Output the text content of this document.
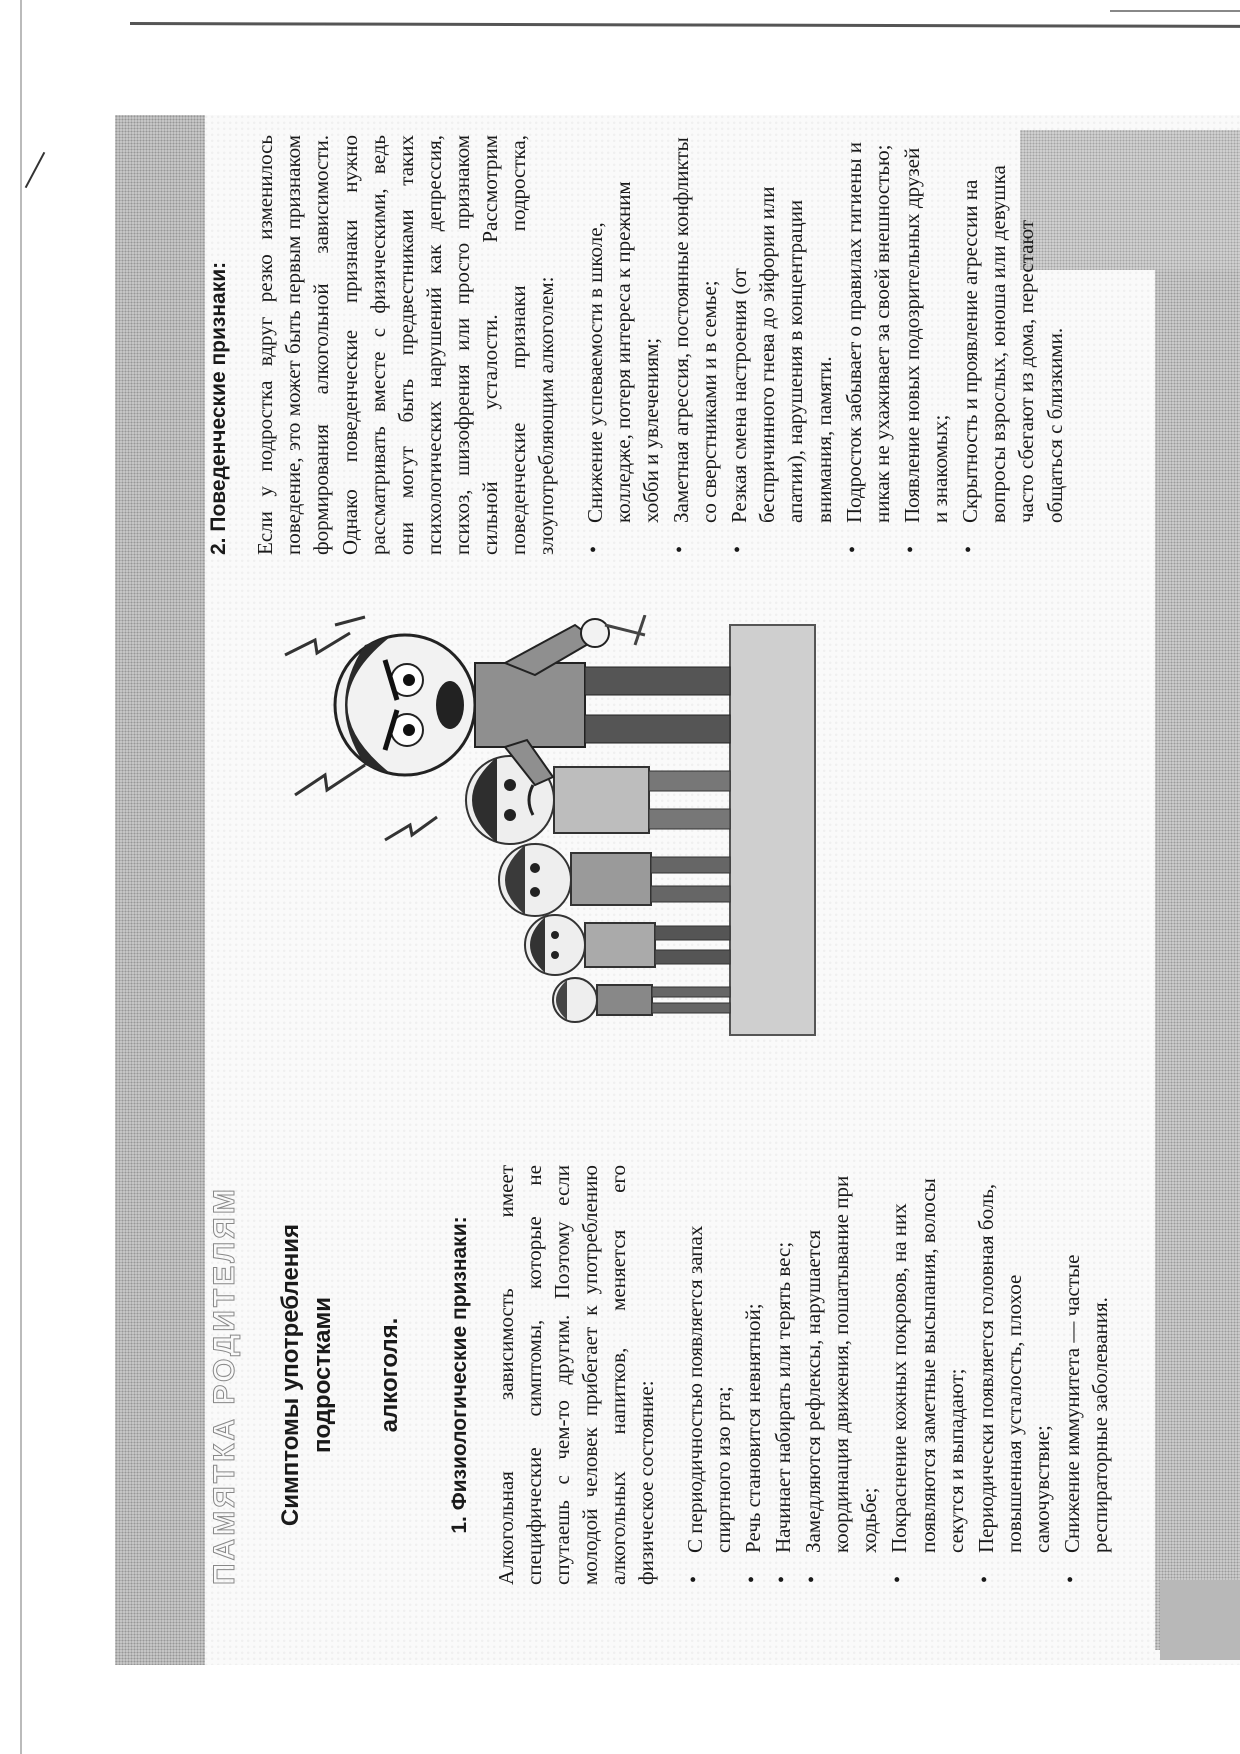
ПАМЯТКА РОДИТЕЛЯМ Симптомы употребления подростками алкоголя. 1. Физиологические признаки: Алкогольная зависимость имеет специфические симптомы, которые не спутаешь с чем-то другим. Поэтому если молодой человек прибегает к употреблению алкогольных напитков, меняется его физическое состояние: • С периодичностью появляется запах спиртного изо рта; • Речь становится невнятной; • Начинает набирать или терять вес; • Замедляются рефлексы, нарушается координация движения, пошатывание при ходьбе; • Покраснение кожных покровов, на них появляются заметные высыпания, волосы секутся и выпадают; • Периодически появляется головная боль, повышенная усталость, плохое самочувствие; • Снижение иммунитета — частые респираторные заболевания.
2. Поведенческие признаки: Если у подростка вдруг резко изменилось поведение, это может быть первым признаком формирования алкогольной зависимости. Однако поведенческие признаки нужно рассматривать вместе с физическими, ведь они могут быть предвестниками таких психологических нарушений как депрессия, психоз, шизофрения или просто признаком сильной усталости. Рассмотрим поведенческие признаки подростка, злоупотребляющим алкоголем: • Снижение успеваемости в школе, колледже, потеря интереса к прежним хобби и увлечениям; • Заметная агрессия, постоянные конфликты со сверстниками и в семье; • Резкая смена настроения (от беспричинного гнева до эйфории или апатии), нарушения в концентрации внимания, памяти. • Подросток забывает о правилах гигиены и никак не ухаживает за своей внешностью; • Появление новых подозрительных друзей и знакомых; • Скрытность и проявление агрессии на вопросы взрослых, юноша или девушка часто сбегают из дома, перестают общаться с близкими.
